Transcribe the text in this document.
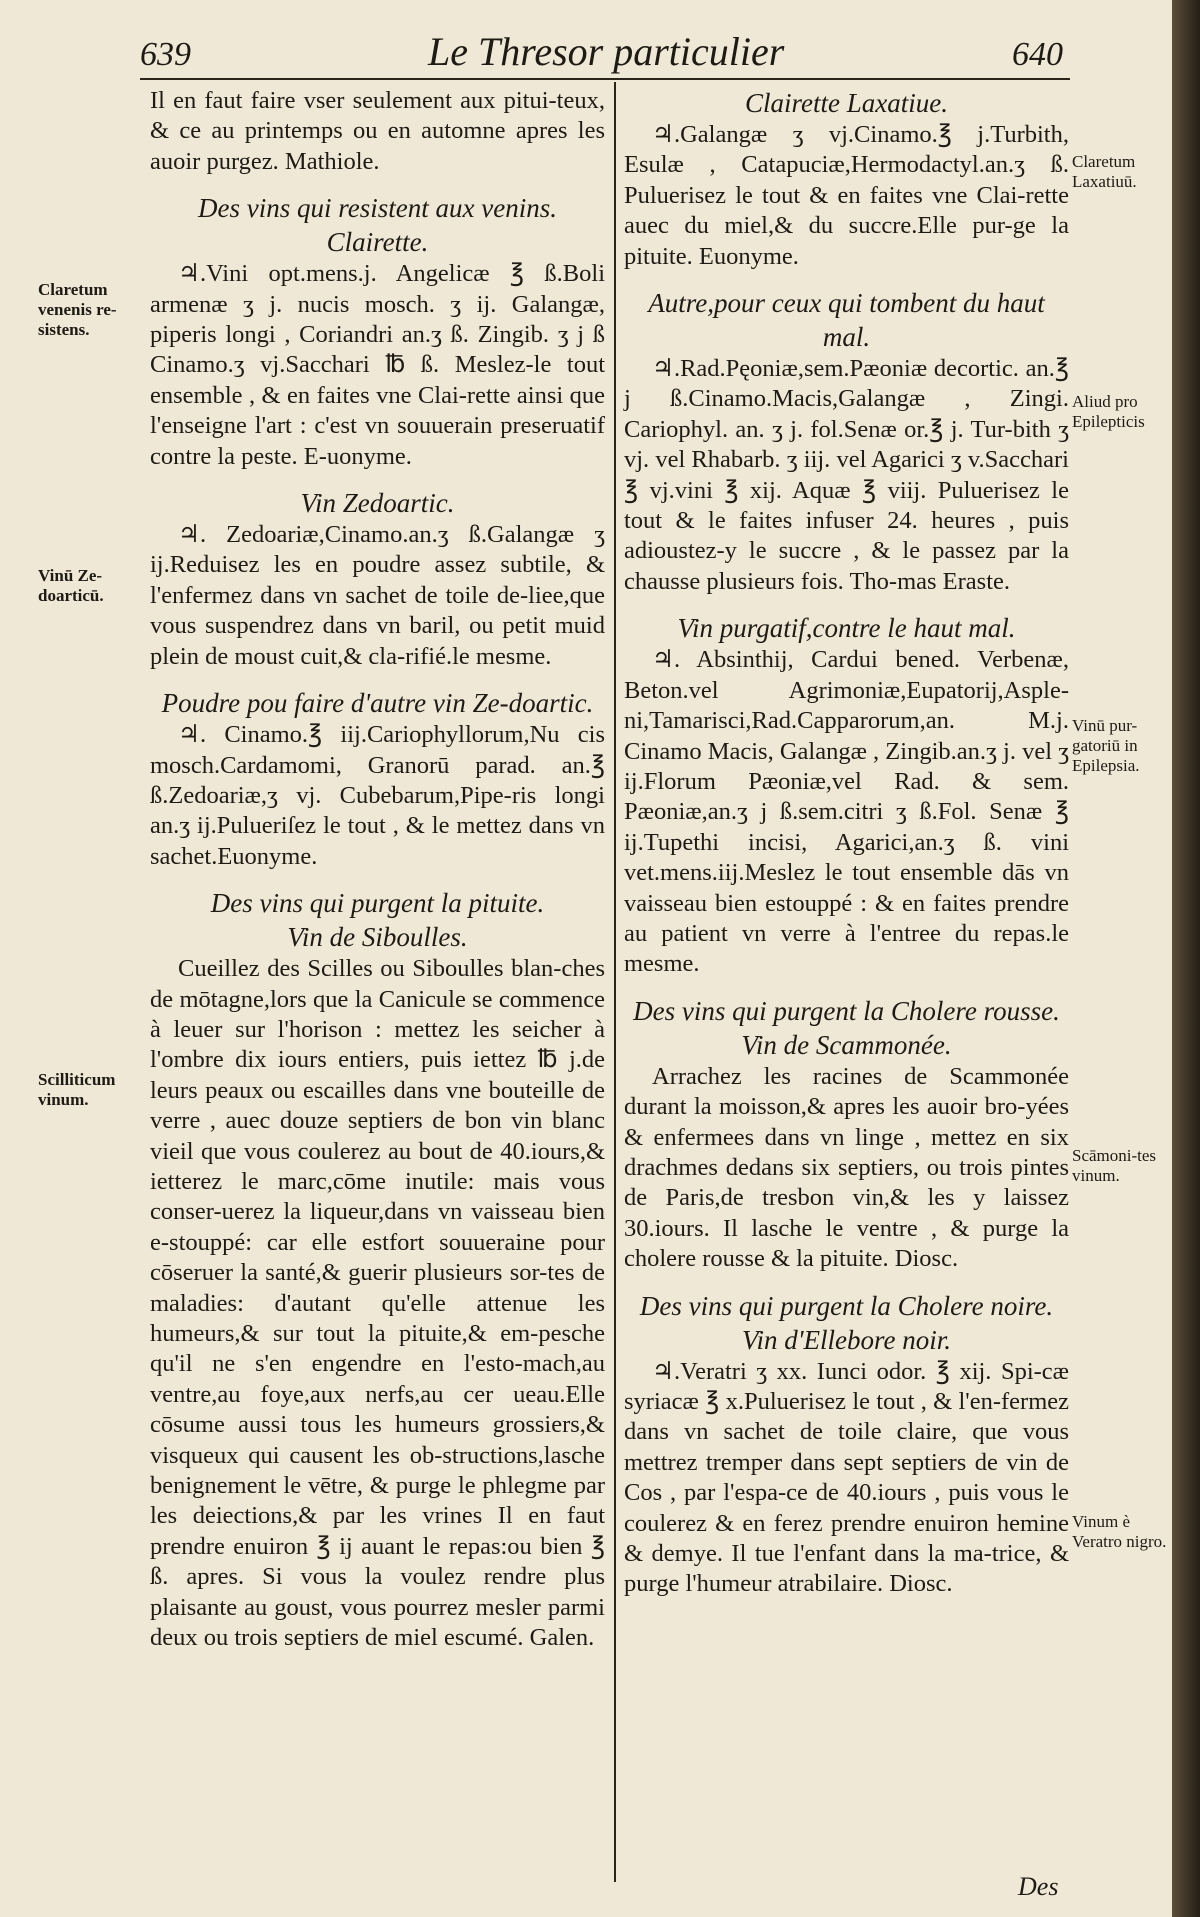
639	Le Thresor particulier	640
Claretum venenis re-sistens.
Vinū Ze-doarticū.
Scilliticum vinum.

Il en faut faire vser seulement aux pitui-teux, & ce au printemps ou en automne apres les auoir purgez. Mathiole.

Des vins qui resistent aux venins.
Clairette.

♃.Vini opt.mens.j. Angelicæ ℥ ß.Boli armenæ ʒ j. nucis mosch. ʒ ij. Galangæ, piperis longi , Coriandri an.ʒ ß. Zingib. ʒ j ß Cinamo.ʒ vj.Sacchari ℔ ß. Meslez-le tout ensemble , & en faites vne Clai-rette ainsi que l'enseigne l'art : c'est vn souuerain preseruatif contre la peste. E-uonyme.

Vin Zedoartic.

♃. Zedoariæ,Cinamo.an.ʒ ß.Galangæ ʒ ij.Reduisez les en poudre assez subtile, & l'enfermez dans vn sachet de toile de-liee,que vous suspendrez dans vn baril, ou petit muid plein de moust cuit,& cla-rifié.le mesme.

Poudre pou faire d'autre vin Ze-doartic.

♃. Cinamo.℥ iij.Cariophyllorum,Nu cis mosch.Cardamomi, Granorū parad. an.℥ ß.Zedoariæ,ʒ vj. Cubebarum,Pipe-ris longi an.ʒ ij.Pulueriſez le tout , & le mettez dans vn sachet.Euonyme.

Des vins qui purgent la pituite.
Vin de Siboulles.

Cueillez des Scilles ou Siboulles blan-ches de mōtagne,lors que la Canicule se commence à leuer sur l'horison : mettez les seicher à l'ombre dix iours entiers, puis iettez ℔ j.de leurs peaux ou escailles dans vne bouteille de verre , auec douze septiers de bon vin blanc vieil que vous coulerez au bout de 40.iours,& ietterez le marc,cōme inutile: mais vous conser-uerez la liqueur,dans vn vaisseau bien e-stouppé: car elle estfort souueraine pour cōseruer la santé,& guerir plusieurs sor-tes de maladies: d'autant qu'elle attenue les humeurs,& sur tout la pituite,& em-pesche qu'il ne s'en engendre en l'esto-mach,au ventre,au foye,aux nerfs,au cer ueau.Elle cōsume aussi tous les humeurs grossiers,& visqueux qui causent les ob-structions,lasche benignement le vētre, & purge le phlegme par les deiections,& par les vrines Il en faut prendre enuiron ℥ ij auant le repas:ou bien ℥ ß. apres. Si vous la voulez rendre plus plaisante au goust, vous pourrez mesler parmi deux ou trois septiers de miel escumé. Galen.

Clairette Laxatiue.

♃.Galangæ ʒ vj.Cinamo.℥ j.Turbith, Esulæ , Catapuciæ,Hermodactyl.an.ʒ ß. Puluerisez le tout & en faites vne Clai-rette auec du miel,& du succre.Elle pur-ge la pituite. Euonyme.

Autre,pour ceux qui tombent du haut mal.

♃.Rad.Pęoniæ,sem.Pæoniæ decortic. an.℥ j ß.Cinamo.Macis,Galangæ , Zingi. Cariophyl. an. ʒ j. fol.Senæ or.℥ j. Tur-bith ʒ vj. vel Rhabarb. ʒ iij. vel Agarici ʒ v.Sacchari ℥ vj.vini ℥ xij. Aquæ ℥ viij. Puluerisez le tout & le faites infuser 24. heures , puis adioustez-y le succre , & le passez par la chausse plusieurs fois. Tho-mas Eraste.

Vin purgatif,contre le haut mal.

♃. Absinthij, Cardui bened. Verbenæ, Beton.vel Agrimoniæ,Eupatorij,Asple-ni,Tamarisci,Rad.Capparorum,an. M.j. Cinamo Macis, Galangæ , Zingib.an.ʒ j. vel ʒ ij.Florum Pæoniæ,vel Rad. & sem. Pæoniæ,an.ʒ j ß.sem.citri ʒ ß.Fol. Senæ ℥ ij.Tupethi incisi, Agarici,an.ʒ ß. vini vet.mens.iij.Meslez le tout ensemble dās vn vaisseau bien estouppé : & en faites prendre au patient vn verre à l'entree du repas.le mesme.

Des vins qui purgent la Cholere rousse.
Vin de Scammonée.

Arrachez les racines de Scammonée durant la moisson,& apres les auoir bro-yées & enfermees dans vn linge , mettez en six drachmes dedans six septiers, ou trois pintes de Paris,de tresbon vin,& les y laissez 30.iours. Il lasche le ventre , & purge la cholere rousse & la pituite. Diosc.

Des vins qui purgent la Cholere noire.
Vin d'Ellebore noir.

♃.Veratri ʒ xx. Iunci odor. ℥ xij. Spi-cæ syriacæ ℥ x.Puluerisez le tout , & l'en-fermez dans vn sachet de toile claire, que vous mettrez tremper dans sept septiers de vin de Cos , par l'espa-ce de 40.iours , puis vous le coulerez & en ferez prendre enuiron hemine & demye. Il tue l'enfant dans la ma-trice, & purge l'humeur atrabilaire. Diosc.

Claretum Laxatiuū.
Aliud pro Epilepticis
Vinū pur-gatoriū in Epilepsia.
Scāmoni-tes vinum.
Vinum è Veratro nigro.
Des
